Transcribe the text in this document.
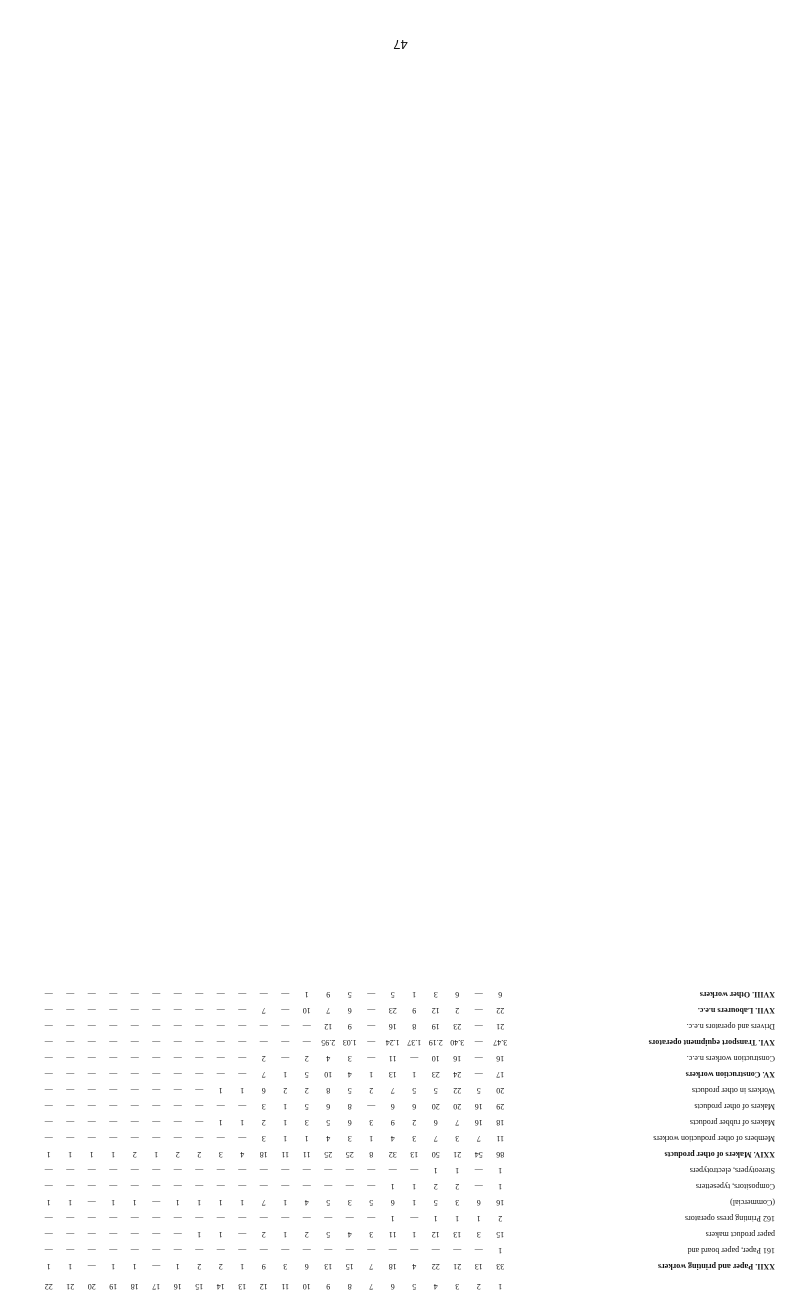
1
2
3
4
5
6
7
8
9
10
11
12
13
14
15
16
17
18
19
20
21
22
XXII. Paper and printing workers
33
13
21
22
4
18
7
15
13
6
3
9
1
2
2
1
—
1
1
—
1
1
161 Paper, paper board and
1
—
—
—
—
—
—
—
—
—
—
—
—
—
—
—
—
—
—
—
—
—
paper product makers
15
3
13
12
1
11
3
4
5
2
1
2
—
1
1
—
—
—
—
—
—
—
162 Printing press operators
2
1
1
1
—
1
—
—
—
—
—
—
—
—
—
—
—
—
—
—
—
—
(Commercial)
16
6
3
5
1
6
5
3
5
4
1
7
1
1
1
1
—
1
1
—
1
1
Compositors, typesetters
1
—
2
2
1
1
—
—
—
—
—
—
—
—
—
—
—
—
—
—
—
—
Stereotypers, electrotypers
1
—
1
1
—
—
—
—
—
—
—
—
—
—
—
—
—
—
—
—
—
—
XXIV. Makers of other products
86
54
21
50
13
32
8
25
25
11
11
18
4
3
2
2
1
2
1
1
1
1
Members of other production workers
11
7
3
7
3
4
1
3
4
1
1
3
—
—
—
—
—
—
—
—
—
—
Makers of rubber products
18
16
7
6
2
9
3
6
5
3
1
2
1
1
—
—
—
—
—
—
—
—
Makers of other products
29
16
20
20
6
6
—
8
6
5
1
3
—
—
—
—
—
—
—
—
—
—
Workers in other products
20
5
22
5
5
7
2
5
8
2
2
6
1
1
—
—
—
—
—
—
—
—
XV. Construction workers
17
—
24
23
1
13
1
4
10
5
1
7
—
—
—
—
—
—
—
—
—
—
Construction workers n.e.c.
16
—
16
10
—
11
—
3
4
2
—
2
—
—
—
—
—
—
—
—
—
—
XVI. Transport equipment operators
3.47
—
3.40
2.19
1.37
1.24
—
1.03
2.95
—
—
—
—
—
—
—
—
—
—
—
—
—
Drivers and operators n.e.c.
21
—
23
19
8
16
—
9
12
—
—
—
—
—
—
—
—
—
—
—
—
—
XVII. Labourers n.e.c.
22
—
2
12
9
23
—
6
7
10
—
7
—
—
—
—
—
—
—
—
—
—
XVIII. Other workers
6
—
6
3
1
5
—
5
9
1
—
—
—
—
—
—
—
—
—
—
—
—
47
